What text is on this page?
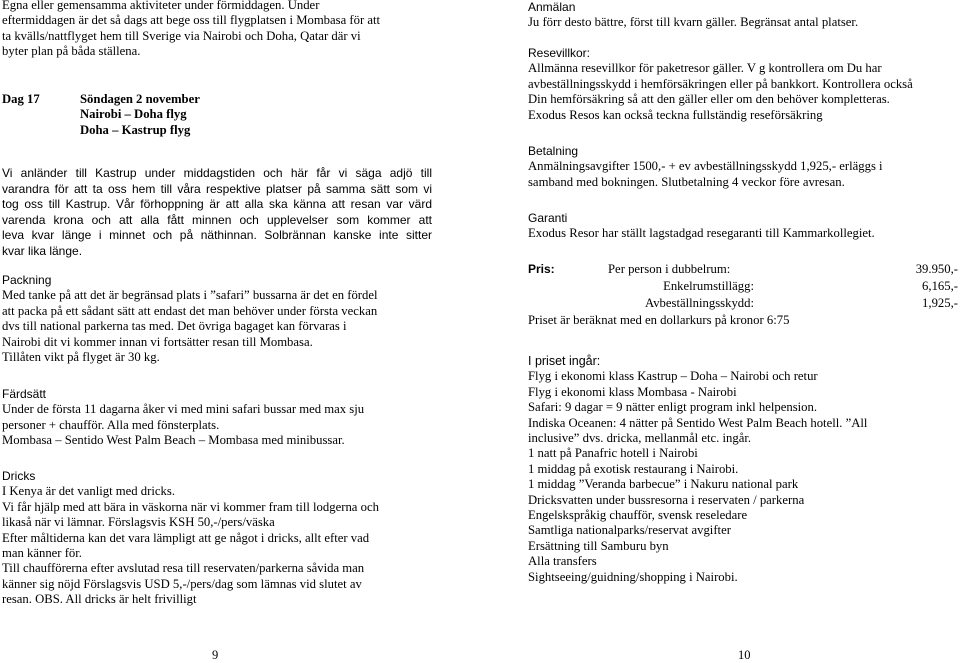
Egna eller gemensamma aktiviteter under förmiddagen. Under

eftermiddagen är det så dags att bege oss till flygplatsen i Mombasa för att

ta kvälls/nattflyget hem till Sverige via Nairobi och Doha, Qatar där vi

byter plan på båda ställena.

Dag 17	Söndagen 2 november

Nairobi – Doha flyg

Doha – Kastrup flyg

Vi anländer till Kastrup under middagstiden och här får vi säga adjö till

varandra för att ta oss hem till våra respektive platser på samma sätt som vi

tog oss till Kastrup. Vår förhoppning är att alla ska känna att resan var värd

varenda krona och att alla fått minnen och upplevelser som kommer att

leva kvar länge i minnet och på näthinnan. Solbrännan kanske inte sitter

kvar lika länge.

Packning

Med tanke på att det är begränsad plats i ”safari” bussarna är det en fördel

att packa på ett sådant sätt att endast det man behöver under första veckan

dvs till national parkerna tas med. Det övriga bagaget kan förvaras i

Nairobi dit vi kommer innan vi fortsätter resan till Mombasa.

Tillåten vikt på flyget är 30 kg.

Färdsätt

Under de första 11 dagarna åker vi med mini safari bussar med max sju

personer + chaufför. Alla med fönsterplats.

Mombasa – Sentido West Palm Beach – Mombasa med minibussar.

Dricks

I Kenya är det vanligt med dricks.

Vi får hjälp med att bära in väskorna när vi kommer fram till lodgerna och

likaså när vi lämnar. Förslagsvis KSH 50,-/pers/väska

Efter måltiderna kan det vara lämpligt att ge något i dricks, allt efter vad

man känner för.

Till chaufförerna efter avslutad resa till reservaten/parkerna såvida man

känner sig nöjd Förslagsvis USD 5,-/pers/dag som lämnas vid slutet av

resan. OBS. All dricks är helt frivilligt

9

Anmälan

Ju förr desto bättre, först till kvarn gäller. Begränsat antal platser.

Resevillkor:

Allmänna resevillkor för paketresor gäller. V g kontrollera om Du har

avbeställningsskydd i hemförsäkringen eller på bankkort. Kontrollera också

Din hemförsäkring så att den gäller eller om den behöver kompletteras.

Exodus Resos kan också teckna fullständig reseförsäkring

Betalning

Anmälningsavgifter 1500,- + ev avbeställningsskydd 1,925,- erläggs i

samband med bokningen. Slutbetalning 4 veckor före avresan.

Garanti

Exodus Resor har ställt lagstadgad resegaranti till Kammarkollegiet.

Pris:	Per person i dubbelrum:	39.950,-
Enkelrumstillägg:	6,165,-
Avbeställningsskydd:	1,925,-

Priset är beräknat med en dollarkurs på kronor 6:75

I priset ingår:

Flyg i ekonomi klass Kastrup – Doha – Nairobi och retur

Flyg i ekonomi klass Mombasa - Nairobi

Safari: 9 dagar = 9 nätter enligt program inkl helpension.

Indiska Oceanen: 4 nätter på Sentido West Palm Beach hotell. ”All

inclusive” dvs. dricka, mellanmål etc. ingår.

1 natt på Panafric hotell i Nairobi

1 middag på exotisk restaurang i Nairobi.

1 middag ”Veranda barbecue” i Nakuru national park

Dricksvatten under bussresorna i reservaten / parkerna

Engelskspråkig chaufför, svensk reseledare

Samtliga nationalparks/reservat avgifter

Ersättning till Samburu byn

Alla transfers

Sightseeing/guidning/shopping i Nairobi.

10
